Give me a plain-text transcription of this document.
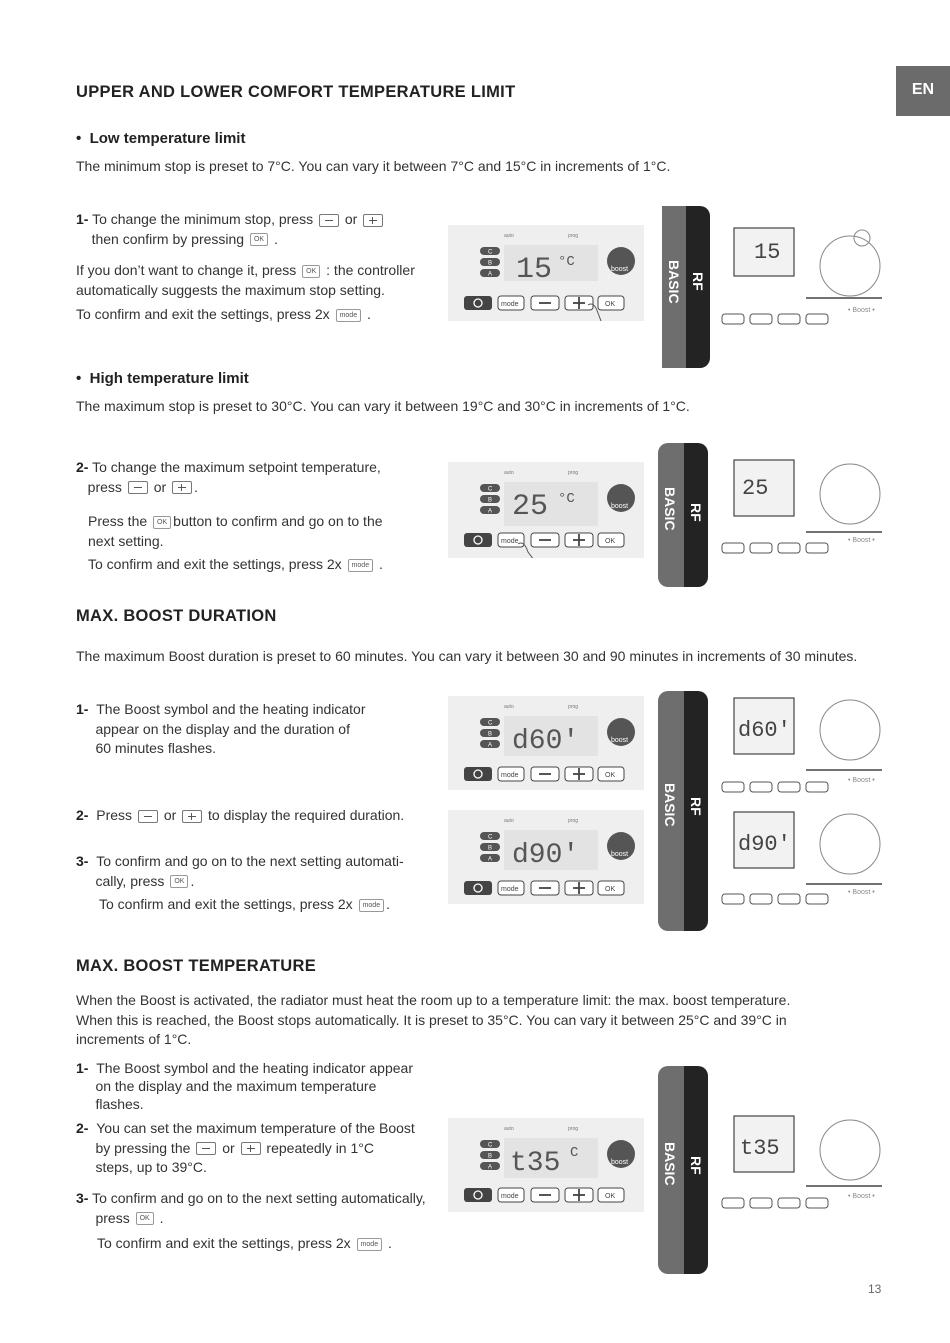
EN
UPPER AND LOWER COMFORT TEMPERATURE LIMIT
• Low temperature limit
The minimum stop is preset to 7°C. You can vary it between 7°C and 15°C in increments of 1°C.
1- To change the minimum stop, press or
then confirm by pressing OK .
If you don’t want to change it, press OK : the controller
automatically suggests the maximum stop setting.
To confirm and exit the settings, press 2x mode .
auto	prog
C
B
A 15 °C	boost
mode	OK
BASIC RF
15
• Boost •
• High temperature limit
The maximum stop is preset to 30°C. You can vary it between 19°C and 30°C in increments of 1°C.
2- To change the maximum setpoint temperature,
press or .
Press the OK button to confirm and go on to the
next setting.
To confirm and exit the settings, press 2x mode .
auto	prog
C
B
A 25 °C	boost
mode	OK
BASIC RF
25
• Boost •
MAX. BOOST DURATION
The maximum Boost duration is preset to 60 minutes. You can vary it between 30 and 90 minutes in increments of 30 minutes.
1- The Boost symbol and the heating indicator
appear on the display and the duration of
60 minutes flashes.
2- Press or to display the required duration.
3- To confirm and go on to the next setting automati-
cally, press OK .
To confirm and exit the settings, press 2x mode .
auto	prog
C
B
A d60'	boost
mode	OK
auto	prog
C
B
A d90'	boost
mode	OK
BASIC RF
d60'
• Boost •
d90'
• Boost •
MAX. BOOST TEMPERATURE
When the Boost is activated, the radiator must heat the room up to a temperature limit: the max. boost temperature.
When this is reached, the Boost stops automatically. It is preset to 35°C. You can vary it between 25°C and 39°C in
increments of 1°C.
1- The Boost symbol and the heating indicator appear
on the display and the maximum temperature
flashes.
2- You can set the maximum temperature of the Boost
by pressing the or repeatedly in 1°C
steps, up to 39°C.
3- To confirm and go on to the next setting automatically,
press OK .
To confirm and exit the settings, press 2x mode .
auto	prog
C
B
A t35 C
boost
mode	OK
BASIC RF
t35
• Boost •
13
